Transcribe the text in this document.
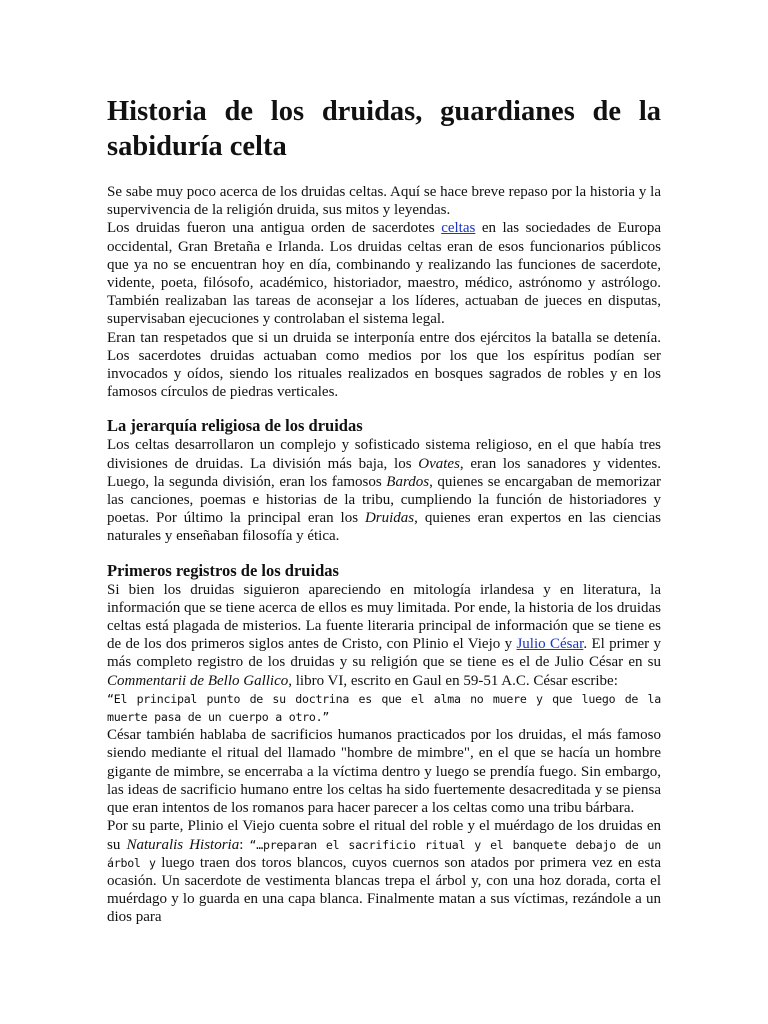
Historia de los druidas, guardianes de la sabiduría celta

Se sabe muy poco acerca de los druidas celtas. Aquí se hace breve repaso por la historia y la supervivencia de la religión druida, sus mitos y leyendas.

Los druidas fueron una antigua orden de sacerdotes celtas en las sociedades de Europa occidental, Gran Bretaña e Irlanda. Los druidas celtas eran de esos funcionarios públicos que ya no se encuentran hoy en día, combinando y realizando las funciones de sacerdote, vidente, poeta, filósofo, académico, historiador, maestro, médico, astrónomo y astrólogo. También realizaban las tareas de aconsejar a los líderes, actuaban de jueces en disputas, supervisaban ejecuciones y controlaban el sistema legal.

Eran tan respetados que si un druida se interponía entre dos ejércitos la batalla se detenía. Los sacerdotes druidas actuaban como medios por los que los espíritus podían ser invocados y oídos, siendo los rituales realizados en bosques sagrados de robles y en los famosos círculos de piedras verticales.

La jerarquía religiosa de los druidas

Los celtas desarrollaron un complejo y sofisticado sistema religioso, en el que había tres divisiones de druidas. La división más baja, los Ovates, eran los sanadores y videntes. Luego, la segunda división, eran los famosos Bardos, quienes se encargaban de memorizar las canciones, poemas e historias de la tribu, cumpliendo la función de historiadores y poetas. Por último la principal eran los Druidas, quienes eran expertos en las ciencias naturales y enseñaban filosofía y ética.

Primeros registros de los druidas

Si bien los druidas siguieron apareciendo en mitología irlandesa y en literatura, la información que se tiene acerca de ellos es muy limitada. Por ende, la historia de los druidas celtas está plagada de misterios. La fuente literaria principal de información que se tiene es de de los dos primeros siglos antes de Cristo, con Plinio el Viejo y Julio César. El primer y más completo registro de los druidas y su religión que se tiene es el de Julio César en su Commentarii de Bello Gallico, libro VI, escrito en Gaul en 59-51 A.C. César escribe:

“El principal punto de su doctrina es que el alma no muere y que luego de la muerte pasa de un cuerpo a otro.”

César también hablaba de sacrificios humanos practicados por los druidas, el más famoso siendo mediante el ritual del llamado "hombre de mimbre", en el que se hacía un hombre gigante de mimbre, se encerraba a la víctima dentro y luego se prendía fuego. Sin embargo, las ideas de sacrificio humano entre los celtas ha sido fuertemente desacreditada y se piensa que eran intentos de los romanos para hacer parecer a los celtas como una tribu bárbara.

Por su parte, Plinio el Viejo cuenta sobre el ritual del roble y el muérdago de los druidas en su Naturalis Historia: “…preparan el sacrificio ritual y el banquete debajo de un árbol y luego traen dos toros blancos, cuyos cuernos son atados por primera vez en esta ocasión. Un sacerdote de vestimenta blancas trepa el árbol y, con una hoz dorada, corta el muérdago y lo guarda en una capa blanca. Finalmente matan a sus víctimas, rezándole a un dios para
